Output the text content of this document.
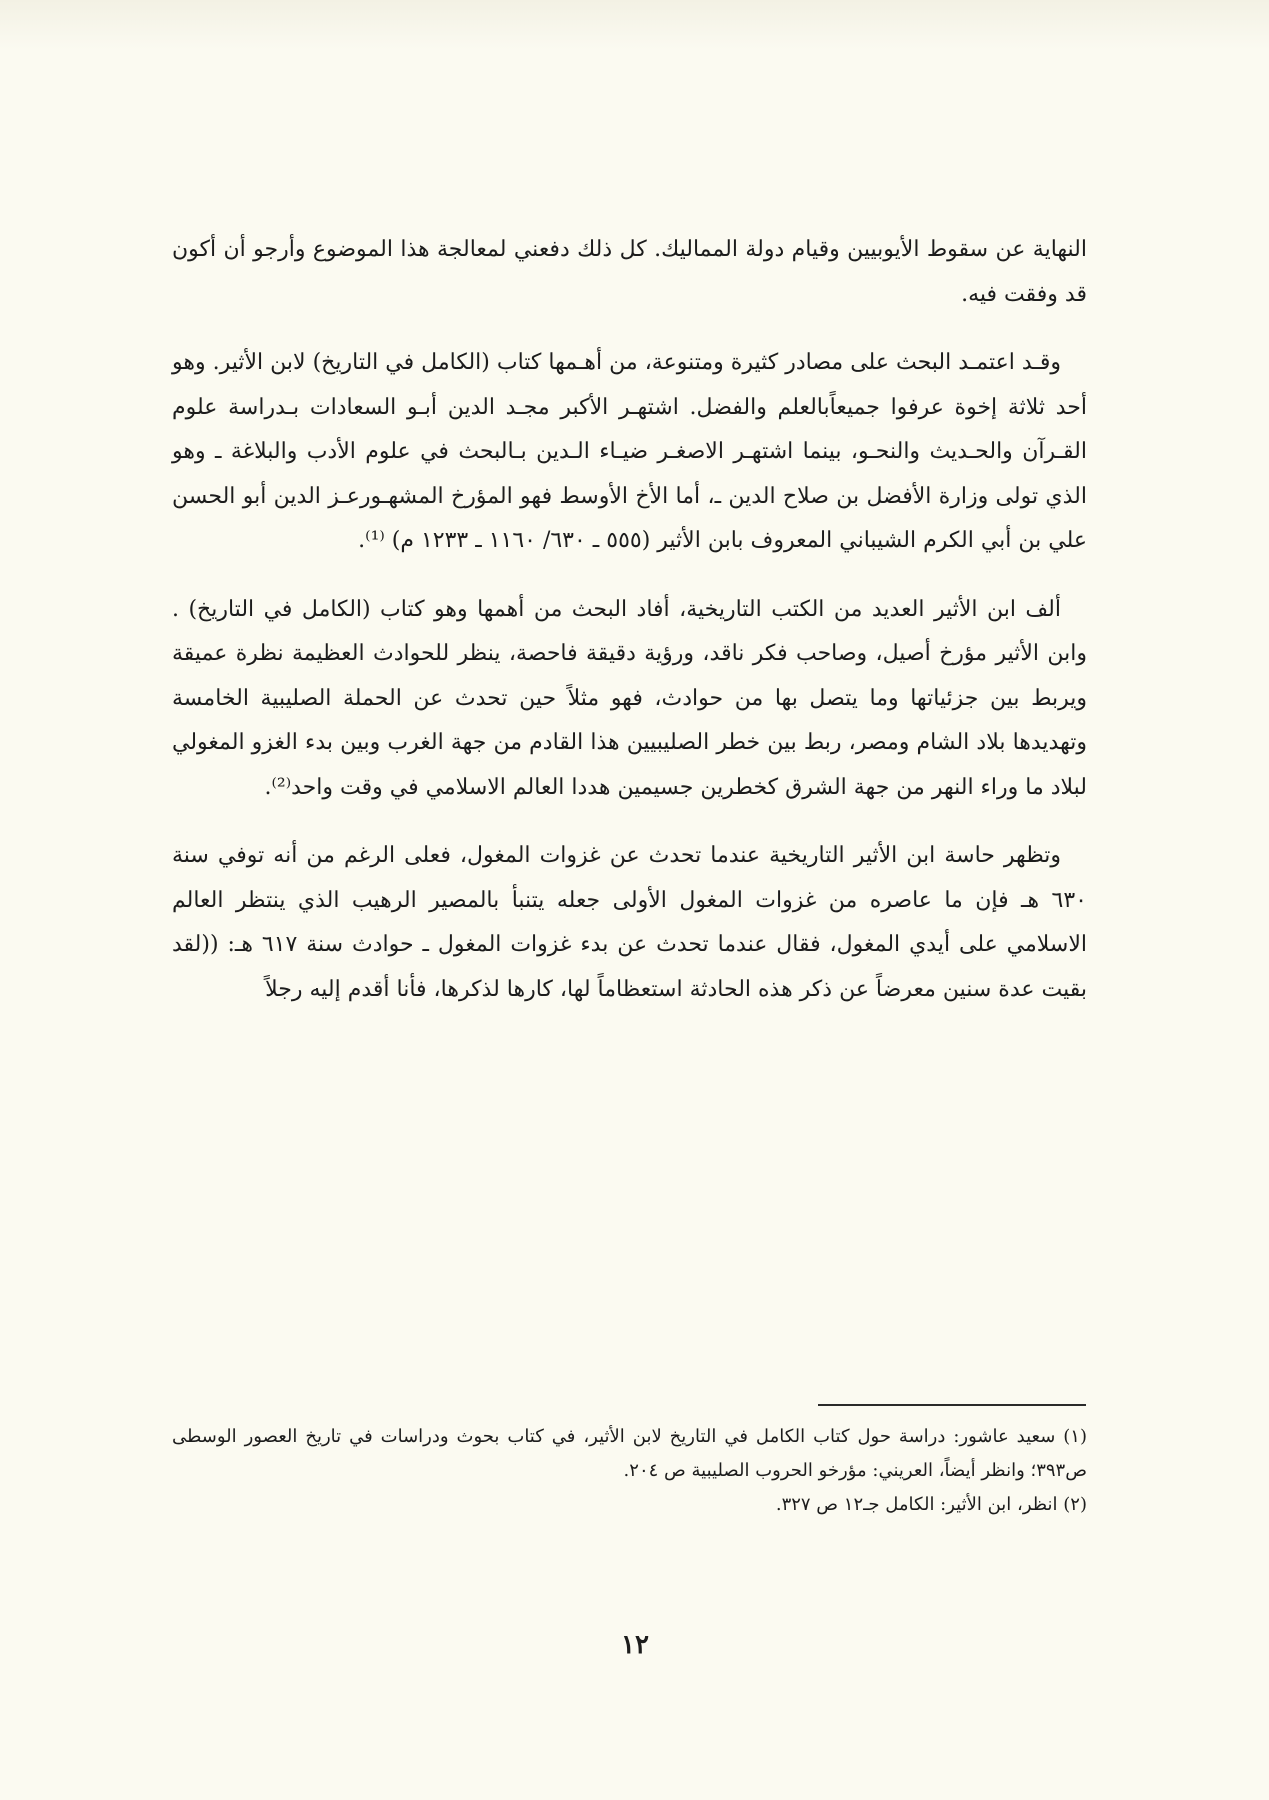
النهاية عن سقوط الأيوبيين وقيام دولة المماليك. كل ذلك دفعني لمعالجة هذا الموضوع وأرجو أن أكون قد وفقت فيه.

وقـد اعتمـد البحث على مصادر كثيرة ومتنوعة، من أهـمها كتاب (الكامل في التاريخ) لابن الأثير. وهو أحد ثلاثة إخوة عرفوا جميعاًبالعلم والفضل. اشتهـر الأكبر مجـد الدين أبـو السعادات بـدراسة علوم القـرآن والحـديث والنحـو، بينما اشتهـر الاصغـر ضيـاء الـدين بـالبحث في علوم الأدب والبلاغة ـ وهو الذي تولى وزارة الأفضل بن صلاح الدين ـ، أما الأخ الأوسط فهو المؤرخ المشهـورعـز الدين أبو الحسن علي بن أبي الكرم الشيباني المعروف بابن الأثير (٥٥٥ ـ ٦٣٠/ ١١٦٠ ـ ١٢٣٣ م) ⁽¹⁾.

ألف ابن الأثير العديد من الكتب التاريخية، أفاد البحث من أهمها وهو كتاب (الكامل في التاريخ) . وابن الأثير مؤرخ أصيل، وصاحب فكر ناقد، ورؤية دقيقة فاحصة، ينظر للحوادث العظيمة نظرة عميقة ويربط بين جزئياتها وما يتصل بها من حوادث، فهو مثلاً حين تحدث عن الحملة الصليبية الخامسة وتهديدها بلاد الشام ومصر، ربط بين خطر الصليبيين هذا القادم من جهة الغرب وبين بدء الغزو المغولي لبلاد ما وراء النهر من جهة الشرق كخطرين جسيمين هددا العالم الاسلامي في وقت واحد⁽²⁾.

وتظهر حاسة ابن الأثير التاريخية عندما تحدث عن غزوات المغول، فعلى الرغم من أنه توفي سنة ٦٣٠ هـ فإن ما عاصره من غزوات المغول الأولى جعله يتنبأ بالمصير الرهيب الذي ينتظر العالم الاسلامي على أيدي المغول، فقال عندما تحدث عن بدء غزوات المغول ـ حوادث سنة ٦١٧ هـ: ((لقد بقيت عدة سنين معرضاً عن ذكر هذه الحادثة استعظاماً لها، كارها لذكرها، فأنا أقدم إليه رجلاً

(١) سعيد عاشور: دراسة حول كتاب الكامل في التاريخ لابن الأثير، في كتاب بحوث ودراسات في تاريخ العصور الوسطى ص٣٩٣؛ وانظر أيضاً، العريني: مؤرخو الحروب الصليبية ص ٢٠٤.

(٢) انظر، ابن الأثير: الكامل جـ١٢ ص ٣٢٧.

١٢
